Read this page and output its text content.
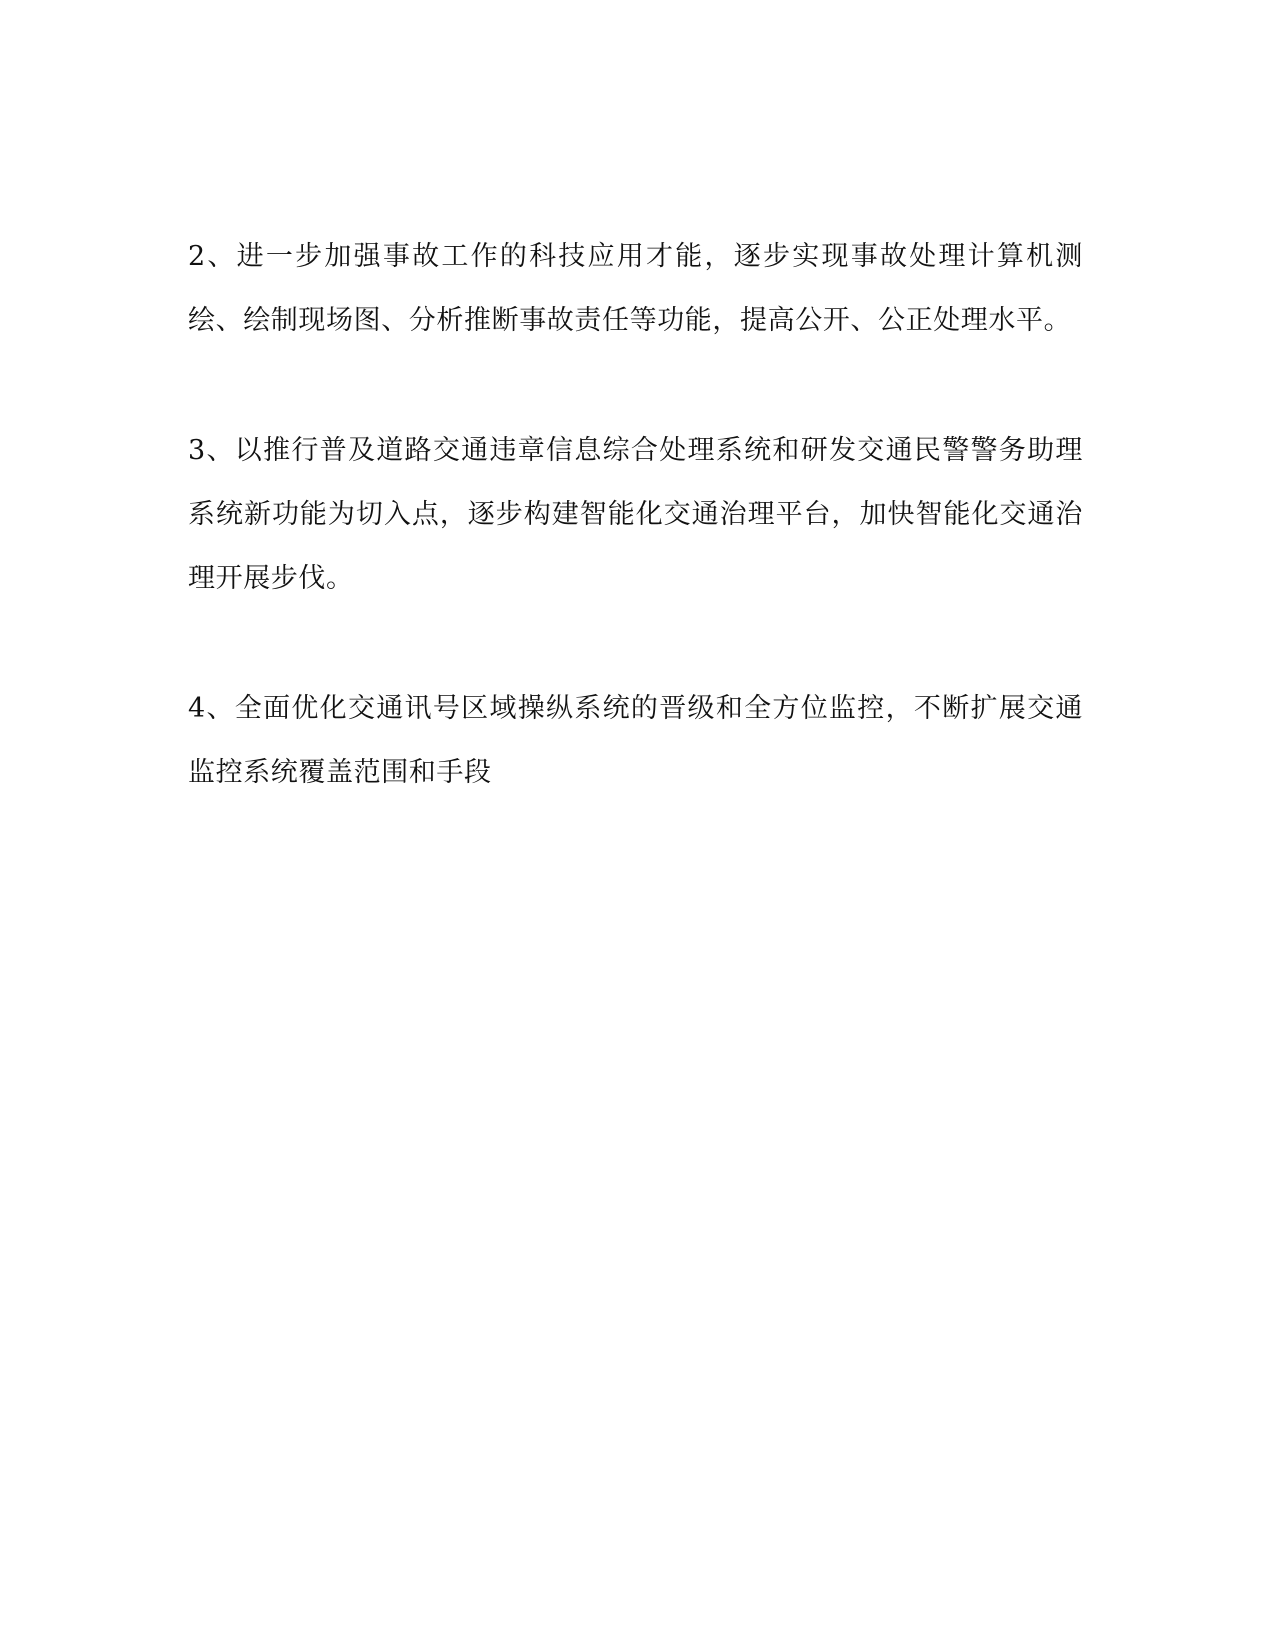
2、进一步加强事故工作的科技应用才能，逐步实现事故处理计算机测绘、绘制现场图、分析推断事故责任等功能，提高公开、公正处理水平。

3、以推行普及道路交通违章信息综合处理系统和研发交通民警警务助理系统新功能为切入点，逐步构建智能化交通治理平台，加快智能化交通治理开展步伐。

4、全面优化交通讯号区域操纵系统的晋级和全方位监控，不断扩展交通监控系统覆盖范围和手段
